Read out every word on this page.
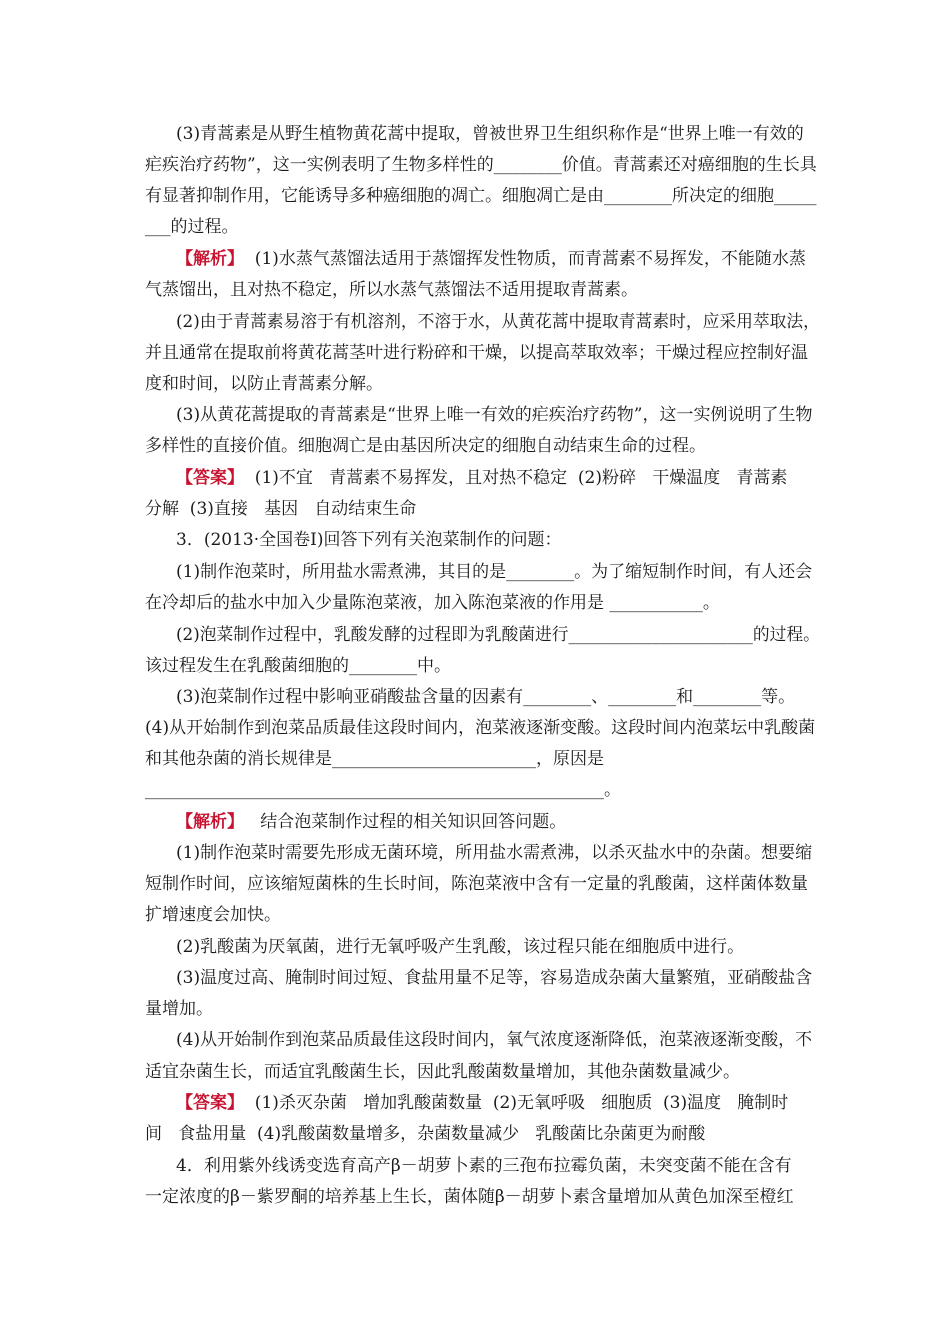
(3)青蒿素是从野生植物黄花蒿中提取，曾被世界卫生组织称作是“世界上唯一有效的
疟疾治疗药物”，这一实例表明了生物多样性的________价值。青蒿素还对癌细胞的生长具
有显著抑制作用，它能诱导多种癌细胞的凋亡。细胞凋亡是由________所决定的细胞_____
___的过程。
【解析】  (1)水蒸气蒸馏法适用于蒸馏挥发性物质，而青蒿素不易挥发，不能随水蒸
气蒸馏出，且对热不稳定，所以水蒸气蒸馏法不适用提取青蒿素。
(2)由于青蒿素易溶于有机溶剂，不溶于水，从黄花蒿中提取青蒿素时，应采用萃取法，
并且通常在提取前将黄花蒿茎叶进行粉碎和干燥，以提高萃取效率；干燥过程应控制好温
度和时间，以防止青蒿素分解。
(3)从黄花蒿提取的青蒿素是“世界上唯一有效的疟疾治疗药物”，这一实例说明了生物
多样性的直接价值。细胞凋亡是由基因所决定的细胞自动结束生命的过程。
【答案】  (1)不宜   青蒿素不易挥发，且对热不稳定  (2)粉碎   干燥温度   青蒿素
分解  (3)直接   基因   自动结束生命
3．(2013·全国卷Ⅰ)回答下列有关泡菜制作的问题：
(1)制作泡菜时，所用盐水需煮沸，其目的是________。为了缩短制作时间，有人还会
在冷却后的盐水中加入少量陈泡菜液，加入陈泡菜液的作用是 ___________。
(2)泡菜制作过程中，乳酸发酵的过程即为乳酸菌进行______________________的过程。
该过程发生在乳酸菌细胞的________中。
(3)泡菜制作过程中影响亚硝酸盐含量的因素有________、________和________等。
(4)从开始制作到泡菜品质最佳这段时间内，泡菜液逐渐变酸。这段时间内泡菜坛中乳酸菌
和其他杂菌的消长规律是________________________，原因是
______________________________________________________。
【解析】   结合泡菜制作过程的相关知识回答问题。
(1)制作泡菜时需要先形成无菌环境，所用盐水需煮沸，以杀灭盐水中的杂菌。想要缩
短制作时间，应该缩短菌株的生长时间，陈泡菜液中含有一定量的乳酸菌，这样菌体数量
扩增速度会加快。
(2)乳酸菌为厌氧菌，进行无氧呼吸产生乳酸，该过程只能在细胞质中进行。
(3)温度过高、腌制时间过短、食盐用量不足等，容易造成杂菌大量繁殖，亚硝酸盐含
量增加。
(4)从开始制作到泡菜品质最佳这段时间内，氧气浓度逐渐降低，泡菜液逐渐变酸，不
适宜杂菌生长，而适宜乳酸菌生长，因此乳酸菌数量增加，其他杂菌数量减少。
【答案】  (1)杀灭杂菌   增加乳酸菌数量  (2)无氧呼吸   细胞质  (3)温度   腌制时
间   食盐用量  (4)乳酸菌数量增多，杂菌数量减少   乳酸菌比杂菌更为耐酸
4．利用紫外线诱变选育高产β－胡萝卜素的三孢布拉霉负菌，未突变菌不能在含有
一定浓度的β－紫罗酮的培养基上生长，菌体随β－胡萝卜素含量增加从黄色加深至橙红
